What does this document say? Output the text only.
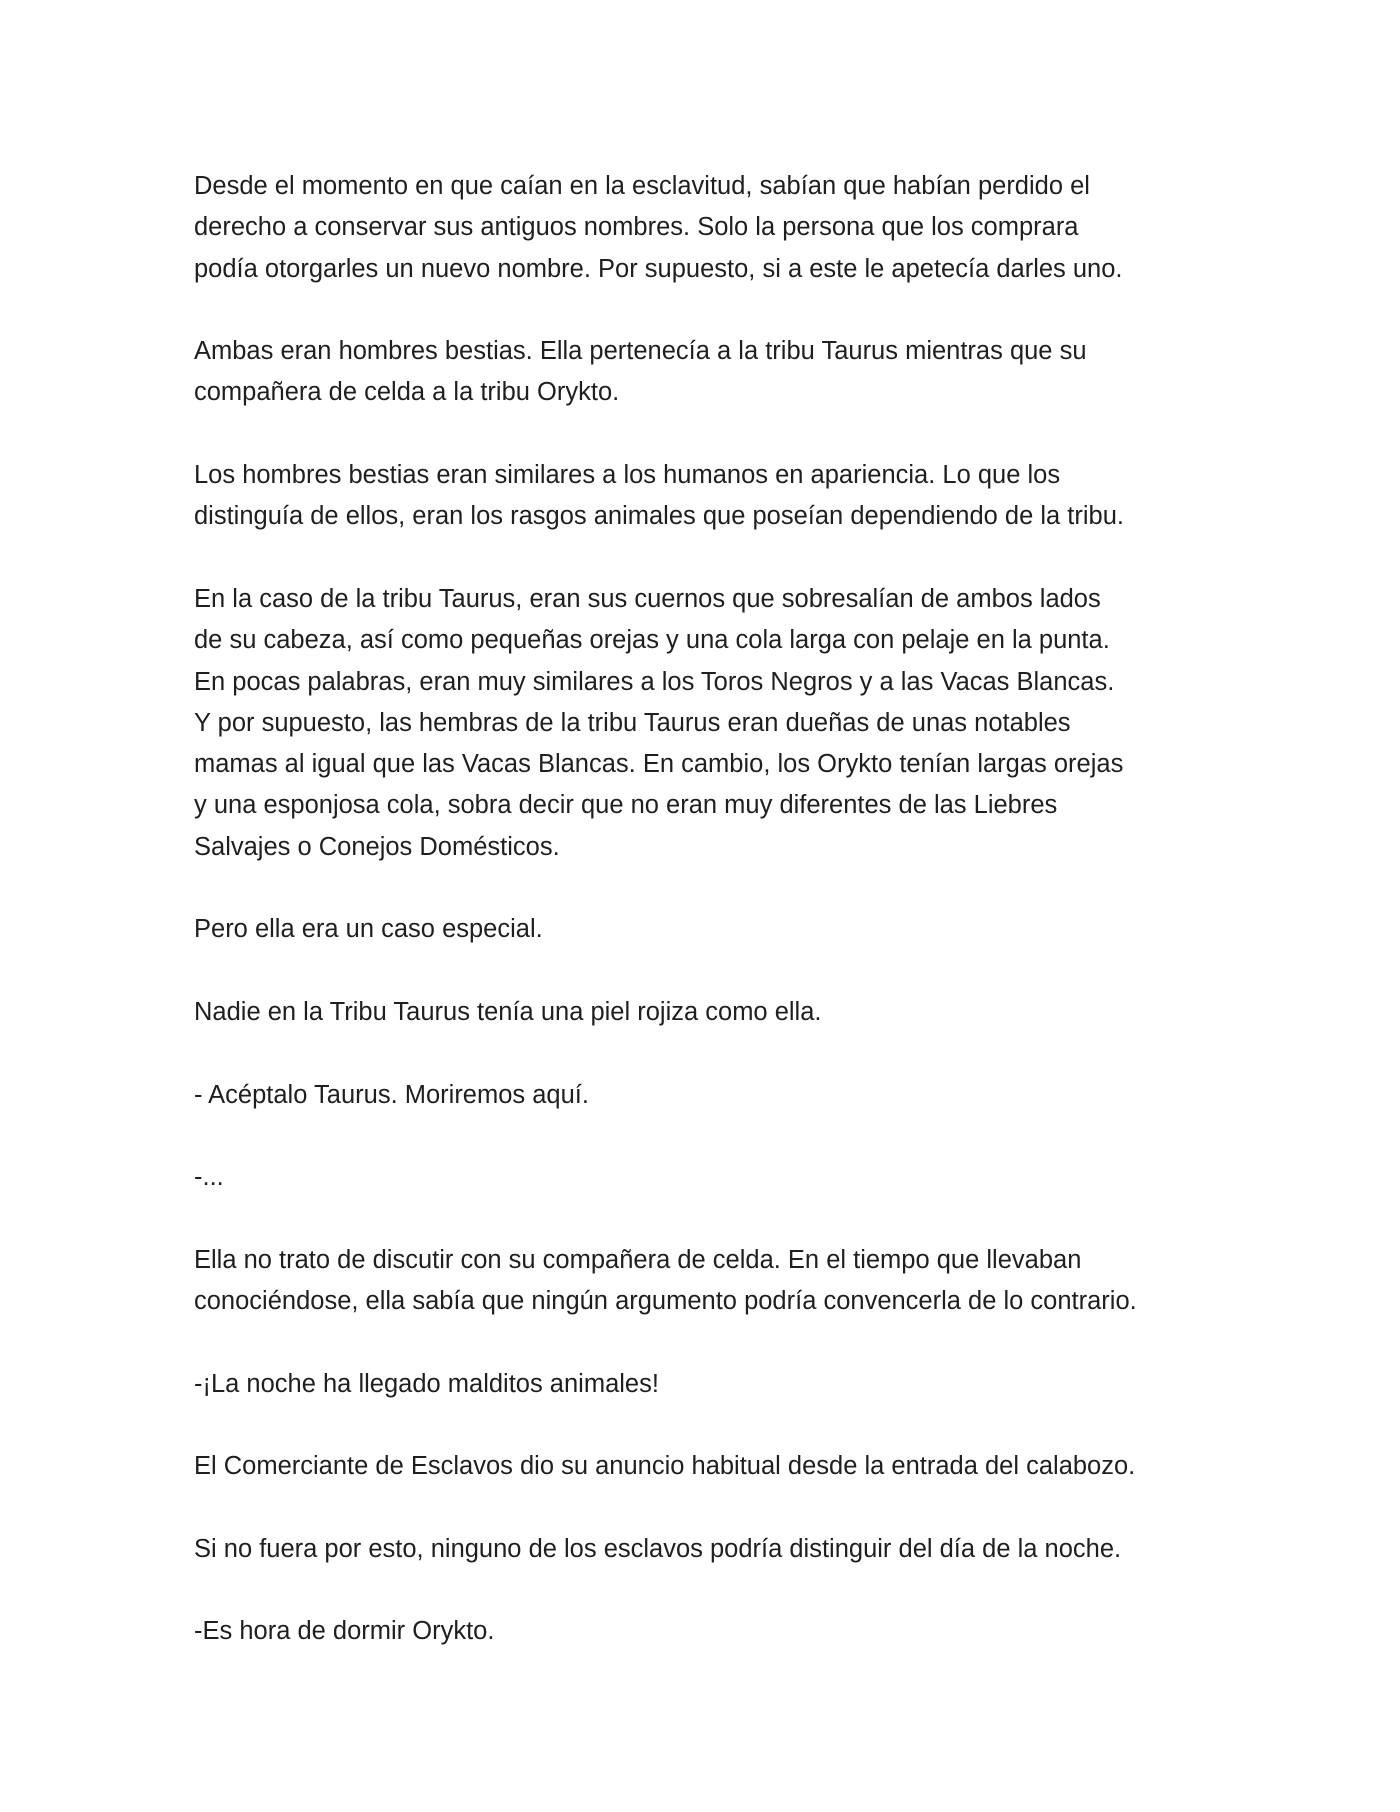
Desde el momento en que caían en la esclavitud, sabían que habían perdido el
derecho a conservar sus antiguos nombres. Solo la persona que los comprara
podía otorgarles un nuevo nombre. Por supuesto, si a este le apetecía darles uno.

Ambas eran hombres bestias. Ella pertenecía a la tribu Taurus mientras que su
compañera de celda a la tribu Orykto.

Los hombres bestias eran similares a los humanos en apariencia. Lo que los
distinguía de ellos, eran los rasgos animales que poseían dependiendo de la tribu.

En la caso de la tribu Taurus, eran sus cuernos que sobresalían de ambos lados
de su cabeza, así como pequeñas orejas y una cola larga con pelaje en la punta.
En pocas palabras, eran muy similares a los Toros Negros y a las Vacas Blancas.
Y por supuesto, las hembras de la tribu Taurus eran dueñas de unas notables
mamas al igual que las Vacas Blancas. En cambio, los Orykto tenían largas orejas
y una esponjosa cola, sobra decir que no eran muy diferentes de las Liebres
Salvajes o Conejos Domésticos.

Pero ella era un caso especial.

Nadie en la Tribu Taurus tenía una piel rojiza como ella.

- Acéptalo Taurus. Moriremos aquí.

-...

Ella no trato de discutir con su compañera de celda. En el tiempo que llevaban
conociéndose, ella sabía que ningún argumento podría convencerla de lo contrario.

-¡La noche ha llegado malditos animales!

El Comerciante de Esclavos dio su anuncio habitual desde la entrada del calabozo.

Si no fuera por esto, ninguno de los esclavos podría distinguir del día de la noche.

-Es hora de dormir Orykto.
